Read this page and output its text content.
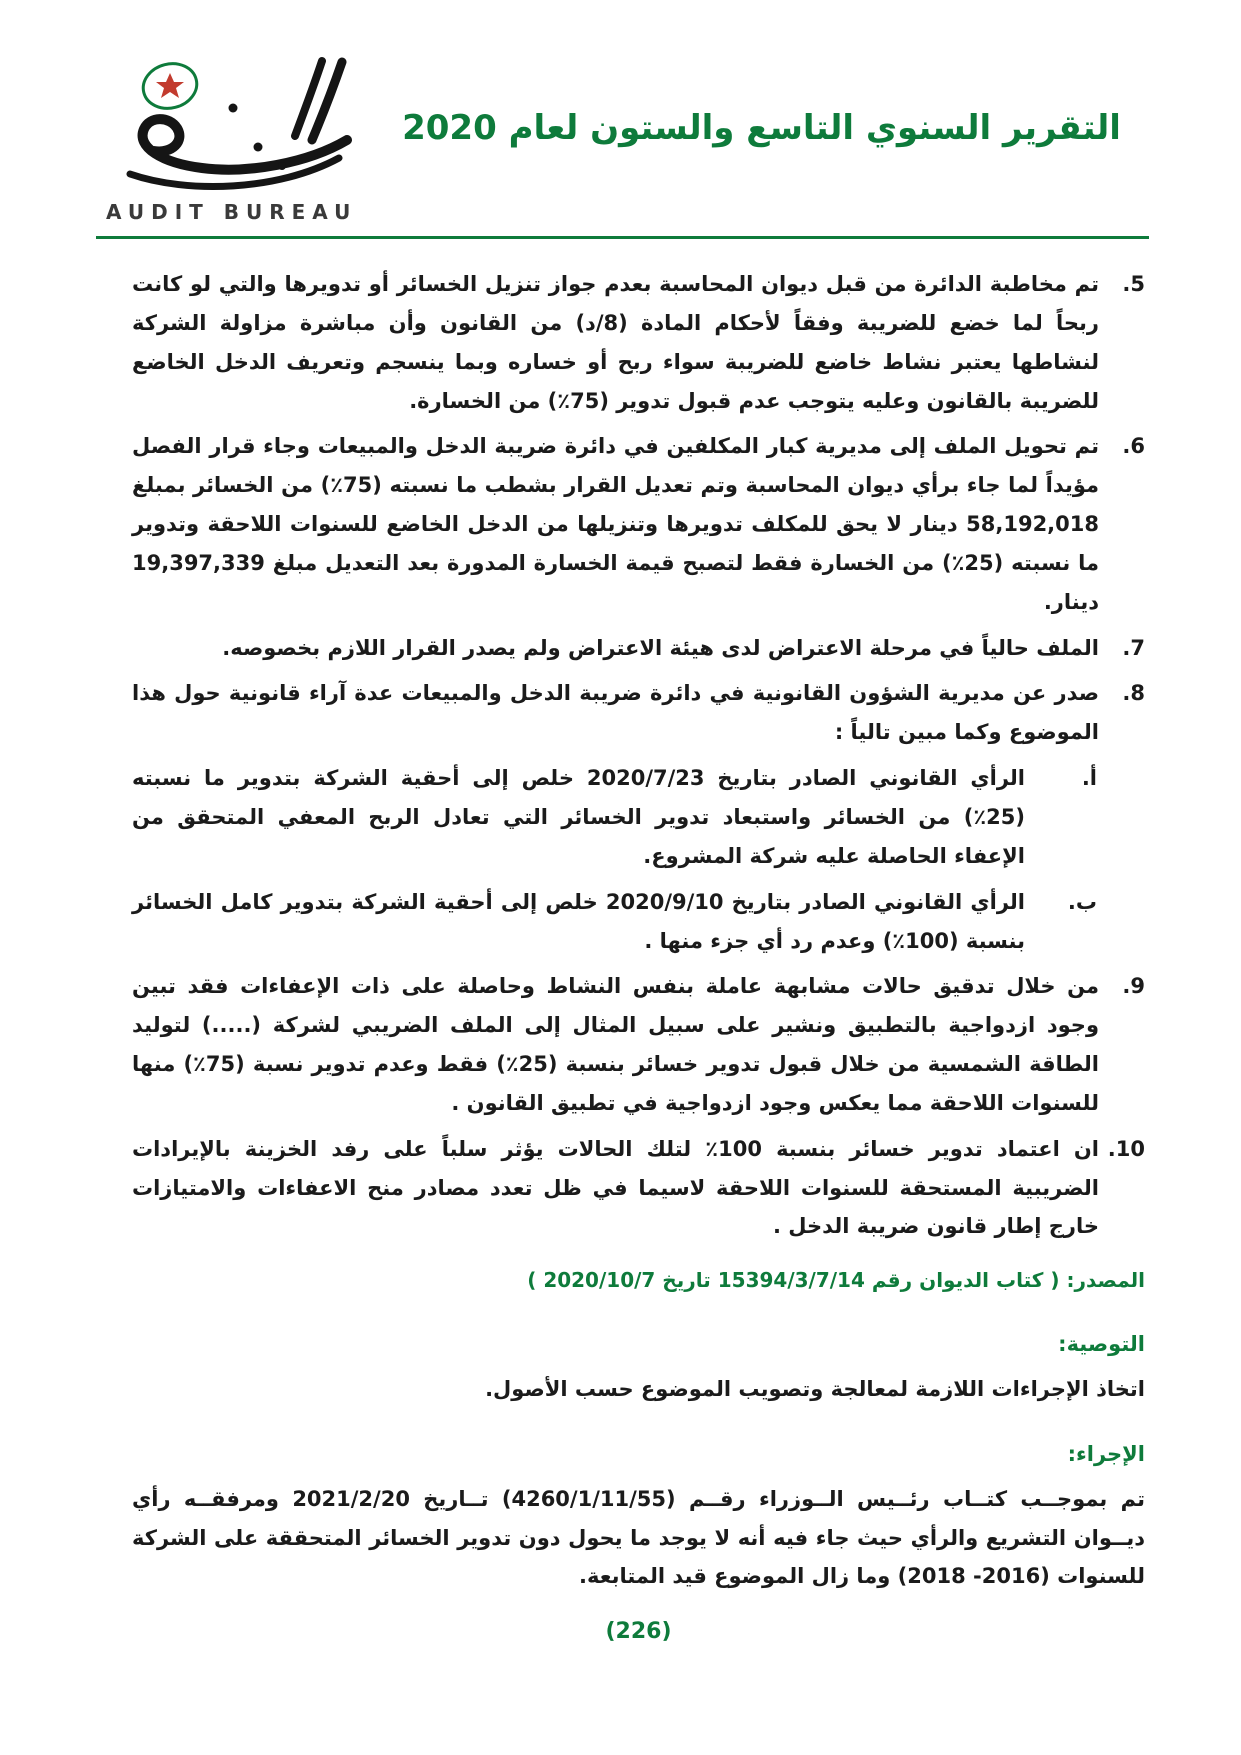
AUDIT BUREAU
التقرير السنوي التاسع والستون لعام 2020
5.

تم مخاطبة الدائرة من قبل ديوان المحاسبة بعدم جواز تنزيل الخسائر أو تدويرها والتي لو كانت ربحاً لما خضع للضريبة وفقاً لأحكام المادة (8/د) من القانون وأن مباشرة مزاولة الشركة لنشاطها يعتبر نشاط خاضع للضريبة سواء ربح أو خساره وبما ينسجم وتعريف الدخل الخاضع للضريبة بالقانون وعليه يتوجب عدم قبول تدوير (75٪) من الخسارة.

6.

تم تحويل الملف إلى مديرية كبار المكلفين في دائرة ضريبة الدخل والمبيعات وجاء قرار الفصل مؤيداً لما جاء برأي ديوان المحاسبة وتم تعديل القرار بشطب ما نسبته (75٪) من الخسائر بمبلغ 58,192,018 دينار لا يحق للمكلف تدويرها وتنزيلها من الدخل الخاضع للسنوات اللاحقة وتدوير ما نسبته (25٪) من الخسارة فقط لتصبح قيمة الخسارة المدورة بعد التعديل مبلغ 19,397,339 دينار.

7.

الملف حالياً في مرحلة الاعتراض لدى هيئة الاعتراض ولم يصدر القرار اللازم بخصوصه.

8.

صدر عن مديرية الشؤون القانونية في دائرة ضريبة الدخل والمبيعات عدة آراء قانونية حول هذا الموضوع وكما مبين تالياً :

أ.

الرأي القانوني الصادر بتاريخ 2020/7/23 خلص إلى أحقية الشركة بتدوير ما نسبته (25٪) من الخسائر واستبعاد تدوير الخسائر التي تعادل الربح المعفي المتحقق من الإعفاء الحاصلة عليه شركة المشروع.

ب.

الرأي القانوني الصادر بتاريخ 2020/9/10 خلص إلى أحقية الشركة بتدوير كامل الخسائر بنسبة (100٪) وعدم رد أي جزء منها .

9.

من خلال تدقيق حالات مشابهة عاملة بنفس النشاط وحاصلة على ذات الإعفاءات فقد تبين وجود ازدواجية بالتطبيق ونشير على سبيل المثال إلى الملف الضريبي لشركة (.....) لتوليد الطاقة الشمسية من خلال قبول تدوير خسائر بنسبة (25٪) فقط وعدم تدوير نسبة (75٪) منها للسنوات اللاحقة مما يعكس وجود ازدواجية في تطبيق القانون .

10.

ان اعتماد تدوير خسائر بنسبة 100٪ لتلك الحالات يؤثر سلباً على رفد الخزينة بالإيرادات الضريبية المستحقة للسنوات اللاحقة لاسيما في ظل تعدد مصادر منح الاعفاءات والامتيازات خارج إطار قانون ضريبة الدخل .

المصدر: ( كتاب الديوان رقم 15394/3/7/14 تاريخ 2020/10/7 )
التوصية:

اتخاذ الإجراءات اللازمة لمعالجة وتصويب الموضوع حسب الأصول.

الإجراء:

تم بموجــب كتــاب رئــيس الــوزراء رقــم (4260/1/11/55) تــاريخ 2021/2/20 ومرفقــه رأي ديــوان التشريع والرأي حيث جاء فيه أنه لا يوجد ما يحول دون تدوير الخسائر المتحققة على الشركة للسنوات (2016- 2018) وما زال الموضوع قيد المتابعة.

(226)
